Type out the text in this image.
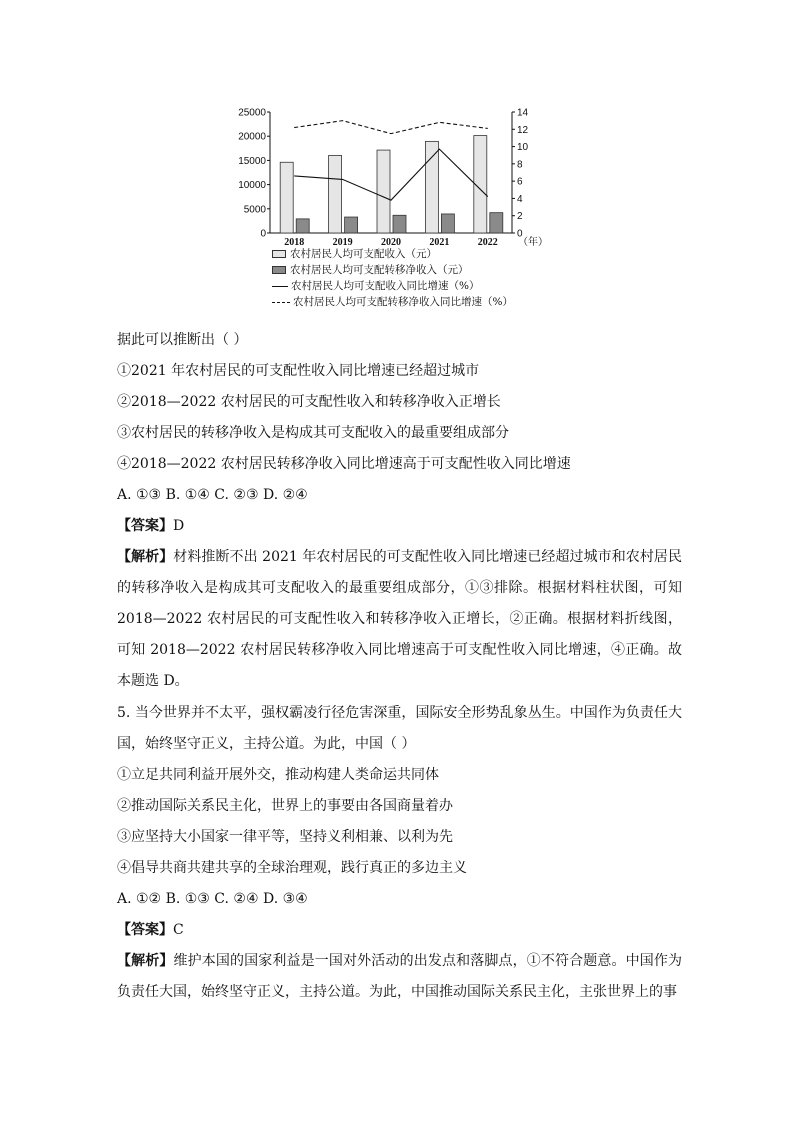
0
5000
10000
15000
20000
25000
0
2
4
6
8
10
12
14
2018	2019	2020	2021	2022 （年）
农村居民人均可支配收入（元）
农村居民人均可支配转移净收入（元）
农村居民人均可支配收入同比增速（%）
农村居民人均可支配转移净收入同比增速（%）
据此可以推断出（ ）
①2021 年农村居民的可支配性收入同比增速已经超过城市
②2018—2022 农村居民的可支配性收入和转移净收入正增长
③农村居民的转移净收入是构成其可支配收入的最重要组成部分
④2018—2022 农村居民转移净收入同比增速高于可支配性收入同比增速
A. ①③ B. ①④ C. ②③ D. ②④
【答案】D
【解析】材料推断不出 2021 年农村居民的可支配性收入同比增速已经超过城市和农村居民的转移净收入是构成其可支配收入的最重要组成部分，①③排除。根据材料柱状图，可知 2018—2022 农村居民的可支配性收入和转移净收入正增长，②正确。根据材料折线图，可知 2018—2022 农村居民转移净收入同比增速高于可支配性收入同比增速，④正确。故本题选 D。
5. 当今世界并不太平，强权霸凌行径危害深重，国际安全形势乱象丛生。中国作为负责任大国，始终坚守正义，主持公道。为此，中国（ ）
①立足共同利益开展外交，推动构建人类命运共同体
②推动国际关系民主化，世界上的事要由各国商量着办
③应坚持大小国家一律平等，坚持义利相兼、以利为先
④倡导共商共建共享的全球治理观，践行真正的多边主义
A. ①② B. ①③ C. ②④ D. ③④
【答案】C
【解析】维护本国的国家利益是一国对外活动的出发点和落脚点，①不符合题意。中国作为负责任大国，始终坚守正义，主持公道。为此，中国推动国际关系民主化，主张世界上的事
